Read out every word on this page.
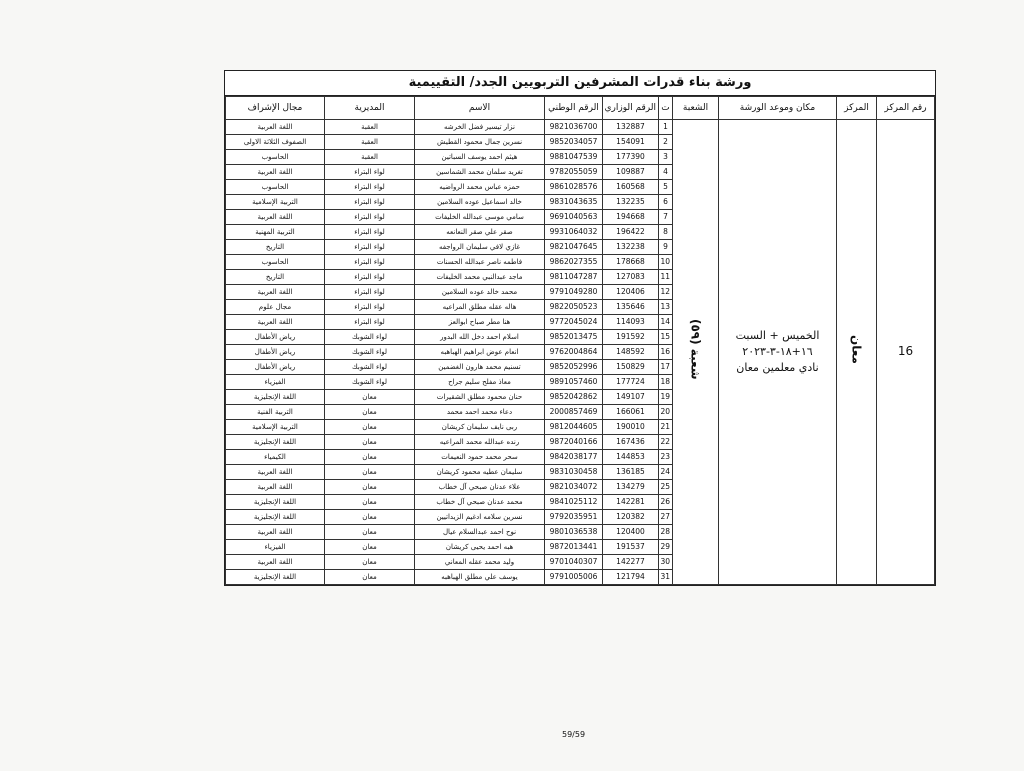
ورشة بناء قدرات المشرفين التربويين الجدد/ التقييمية
رقم المركز	المركز	مكان وموعد الورشة	الشعبة	ت	الرقم الوزاري	الرقم الوطني	الاسم	المديرية	مجال الإشراف
16	معان	الخميس + السبت
١٦+١٨-٣-٢٠٢٣
نادي معلمين معان	شعبة (٥٩)	1	132887	9821036700	نزار تيسير فضل الخرشه	العقبة	اللغة العربية
				2	154091	9852034057	نسرين جمال محمود القطيش	العقبة	الصفوف الثلاثة الاولى
				3	177390	9881047539	هيثم احمد يوسف السباتين	العقبة	الحاسوب
				4	109887	9782055059	تغريد سلمان محمد الشماسين	لواء البتراء	اللغة العربية
				5	160568	9861028576	حمزه عباس محمد الرواضيه	لواء البتراء	الحاسوب
				6	132235	9831043635	خالد اسماعيل عوده السلامين	لواء البتراء	التربية الإسلامية
				7	194668	9691040563	سامي موسى عبدالله الخليفات	لواء البتراء	اللغة العربية
				8	196422	9931064032	صقر علي صقر النعانعه	لواء البتراء	التربية المهنية
				9	132238	9821047645	غازي لافي سليمان الرواجفه	لواء البتراء	التاريخ
				10	178668	9862027355	فاطمه ناصر عبدالله الحسنات	لواء البتراء	الحاسوب
				11	127083	9811047287	ماجد عبدالنبي محمد الخليفات	لواء البتراء	التاريخ
				12	120406	9791049280	محمد خالد عوده السلامين	لواء البتراء	اللغة العربية
				13	135646	9822050523	هاله عقله مطلق المراعيه	لواء البتراء	مجال علوم
				14	114093	9772045024	هنا مطر صباح ابوالعز	لواء البتراء	اللغة العربية
				15	191592	9852013475	اسلام احمد دخل الله البدور	لواء الشوبك	رياض الأطفال
				16	148592	9762004864	انعام عوض ابراهيم الهباهبه	لواء الشوبك	رياض الأطفال
				17	150829	9852052996	تسنيم محمد هارون الغضمين	لواء الشوبك	رياض الأطفال
				18	177724	9891057460	معاذ مفلح سليم جراح	لواء الشوبك	الفيزياء
				19	149107	9852042862	حنان محمود مطلق الشقيرات	معان	اللغة الإنجليزية
				20	166061	2000857469	دعاء محمد احمد محمد	معان	التربية الفنية
				21	190010	9812044605	ربى نايف سليمان كريشان	معان	التربية الإسلامية
				22	167436	9872040166	رنده عبدالله محمد المراعيه	معان	اللغة الإنجليزية
				23	144853	9842038177	سحر محمد حمود النعيمات	معان	الكيمياء
				24	136185	9831030458	سليمان عطيه محمود كريشان	معان	اللغة العربية
				25	134279	9821034072	علاء عدنان صبحي آل خطاب	معان	اللغة العربية
				26	142281	9841025112	محمد عدنان صبحي آل خطاب	معان	اللغة الإنجليزية
				27	120382	9792035951	نسرين سلامه ادغيم الزيداتيين	معان	اللغة الإنجليزية
				28	120400	9801036538	نوح احمد عبدالسلام عيال	معان	اللغة العربية
				29	191537	9872013441	هبه احمد يحيى كريشان	معان	الفيزياء
				30	142277	9701040307	وليد محمد عقله المعاني	معان	اللغة العربية
				31	121794	9791005006	يوسف علي مطلق الهباهبه	معان	اللغة الإنجليزية
59/59
